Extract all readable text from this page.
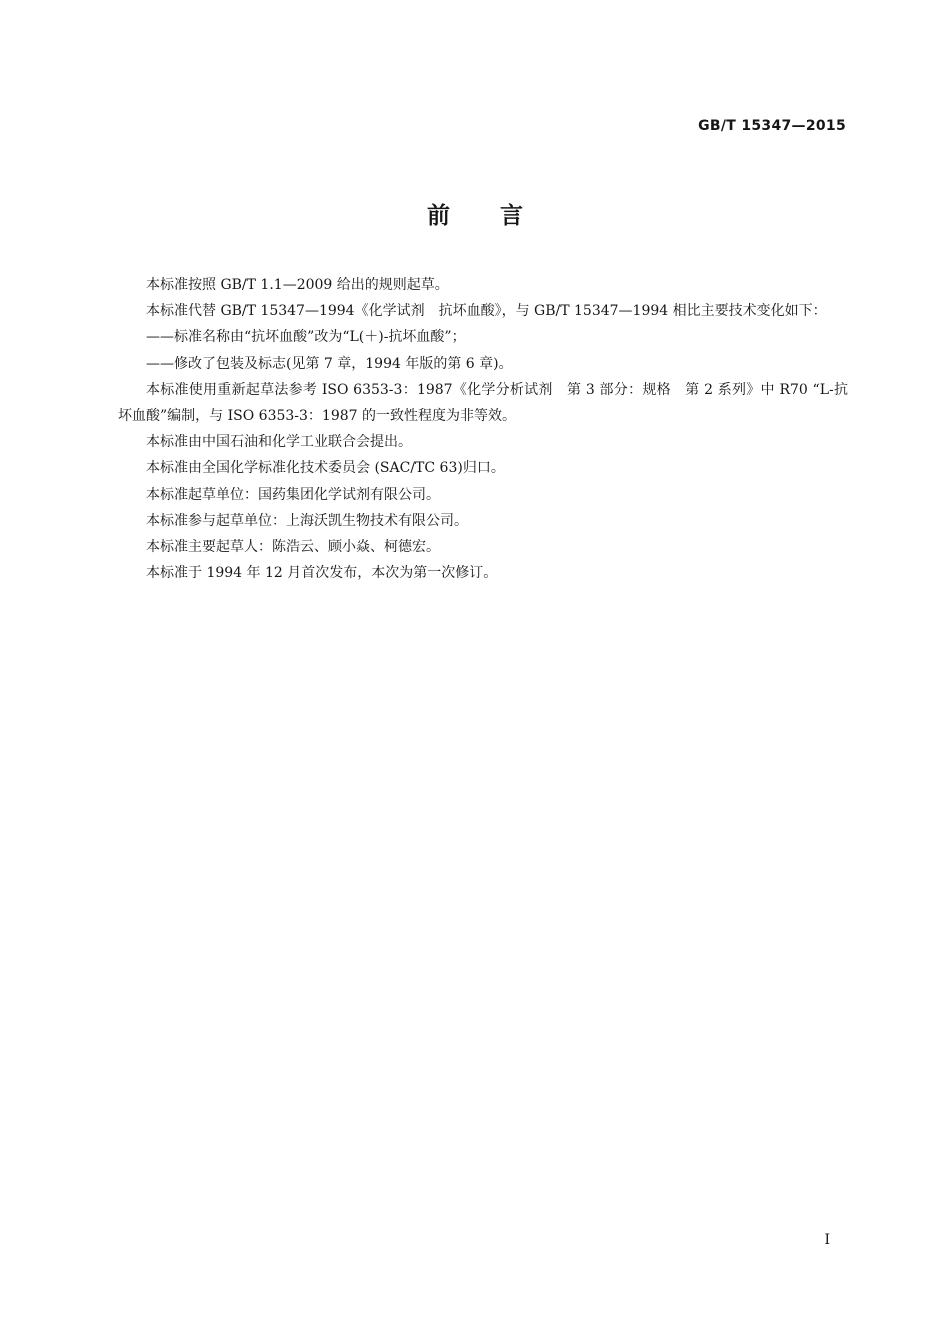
GB/T 15347—2015
前言

本标准按照 GB/T 1.1—2009 给出的规则起草。

本标准代替 GB/T 15347—1994《化学试剂　抗坏血酸》，与 GB/T 15347—1994 相比主要技术变化如下：

——标准名称由“抗坏血酸”改为“L(＋)-抗坏血酸”；

——修改了包装及标志(见第 7 章，1994 年版的第 6 章)。

本标准使用重新起草法参考 ISO 6353-3：1987《化学分析试剂　第 3 部分：规格　第 2 系列》中 R70 “L-抗坏血酸”编制，与 ISO 6353-3：1987 的一致性程度为非等效。

本标准由中国石油和化学工业联合会提出。

本标准由全国化学标准化技术委员会 (SAC/TC 63)归口。

本标准起草单位：国药集团化学试剂有限公司。

本标准参与起草单位：上海沃凯生物技术有限公司。

本标准主要起草人：陈浩云、顾小焱、柯德宏。

本标准于 1994 年 12 月首次发布，本次为第一次修订。

I
